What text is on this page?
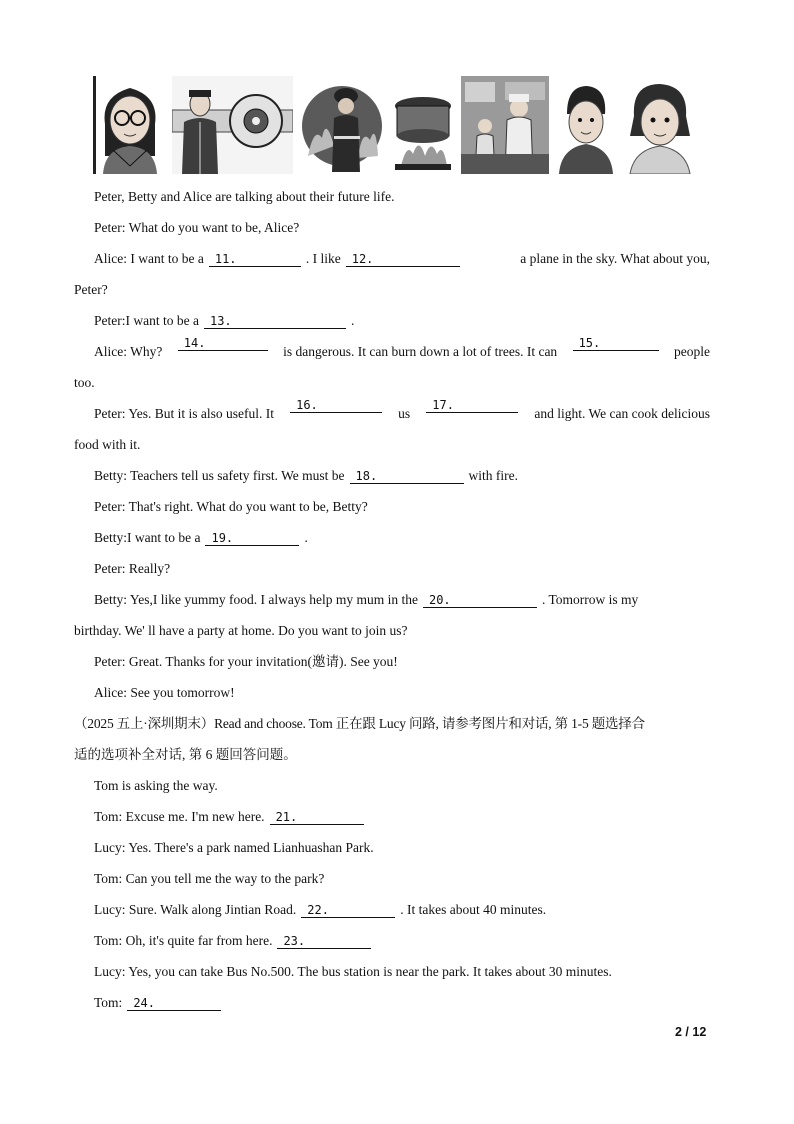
Peter, Betty and Alice are talking about their future life.
Peter: What do you want to be, Alice?
Alice: I want to be a 11.	. I like 12.	a plane in the sky. What about you,
Peter?
Peter:I want to be a 13.	.
Alice: Why?
14.
is dangerous. It can burn down a lot of trees. It can
15.
people
too.
Peter: Yes. But it is also useful. It
16.
us
17.
and light. We can cook delicious
food with it.
Betty: Teachers tell us safety first. We must be 18.	with fire.
Peter: That's right. What do you want to be, Betty?
Betty:I want to be a 19.	.
Peter: Really?
Betty: Yes,I like yummy food. I always help my mum in the 20.	. Tomorrow is my
birthday. We' ll have a party at home. Do you want to join us?
Peter: Great. Thanks for your invitation(邀请). See you!
Alice: See you tomorrow!
（2025 五上·深圳期末）Read and choose. Tom 正在跟 Lucy 问路, 请参考图片和对话, 第 1-5 题选择合
适的选项补全对话, 第 6 题回答问题。
Tom is asking the way.
Tom: Excuse me. I'm new here. 21.
Lucy: Yes. There's a park named Lianhuashan Park.
Tom: Can you tell me the way to the park?
Lucy: Sure. Walk along Jintian Road. 22.	. It takes about 40 minutes.
Tom: Oh, it's quite far from here. 23.
Lucy: Yes, you can take Bus No.500. The bus station is near the park. It takes about 30 minutes.
Tom: 24.
2 / 12
